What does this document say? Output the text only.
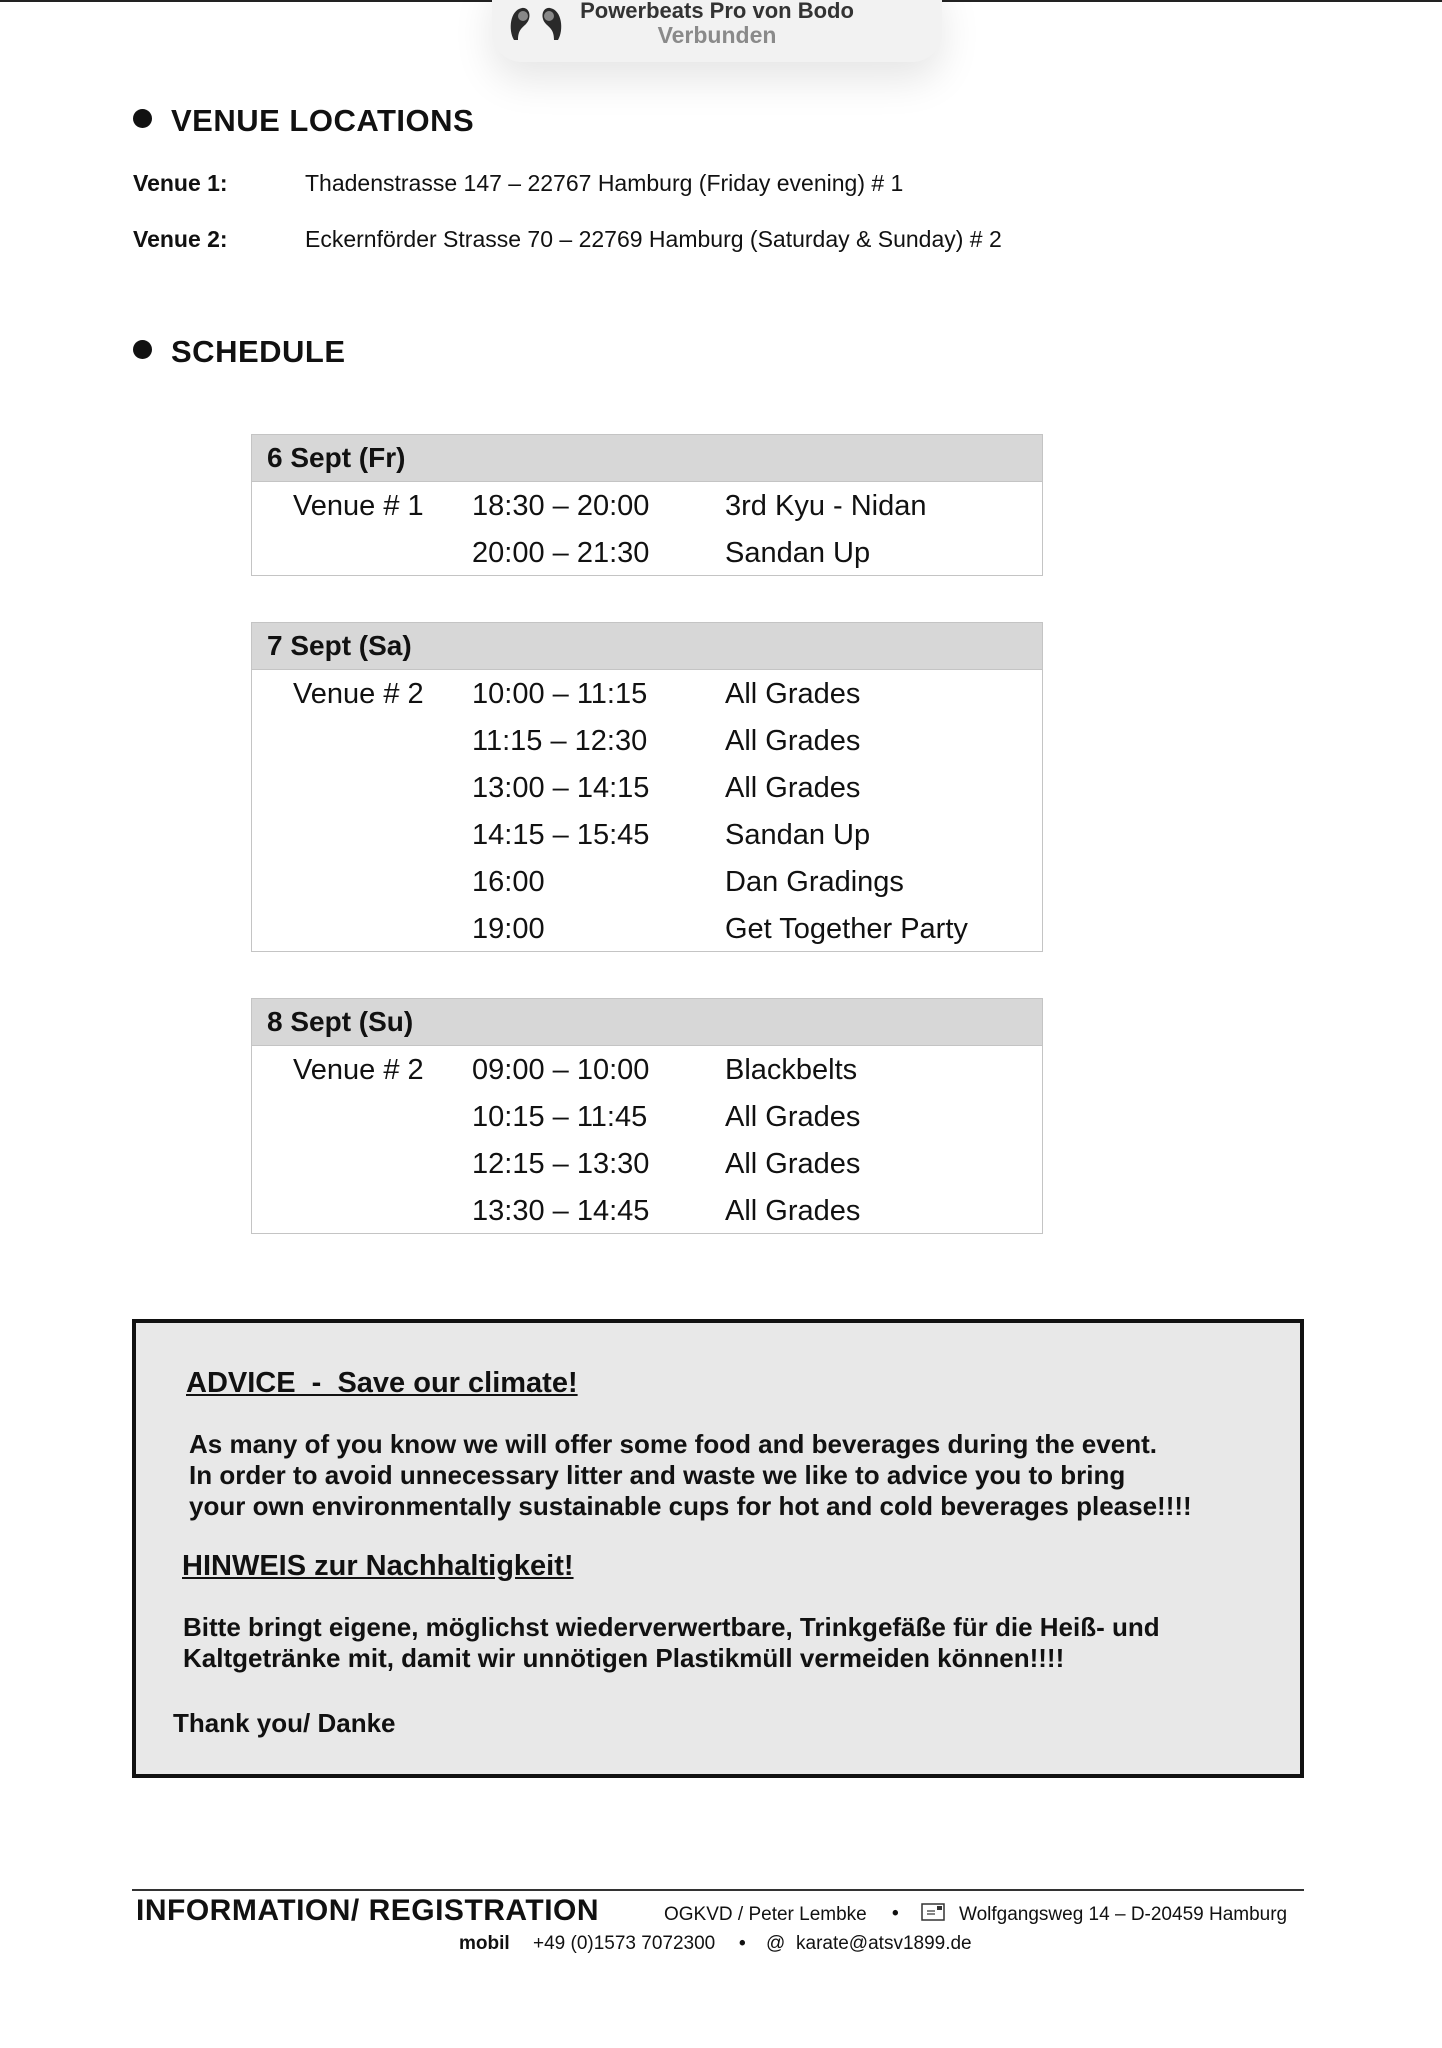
Powerbeats Pro von Bodo
Verbunden
VENUE LOCATIONS
Venue 1:	Thadenstrasse 147 – 22767 Hamburg (Friday evening) # 1
Venue 2:	Eckernförder Strasse 70 – 22769 Hamburg (Saturday & Sunday) # 2
SCHEDULE
6 Sept (Fr)
Venue # 1 18:30 – 20:00	3rd Kyu - Nidan
20:00 – 21:30	Sandan Up
7 Sept (Sa)
Venue # 2 10:00 – 11:15	All Grades
11:15 – 12:30	All Grades
13:00 – 14:15	All Grades
14:15 – 15:45	Sandan Up
16:00	Dan Gradings
19:00	Get Together Party
8 Sept (Su)
Venue # 2 09:00 – 10:00	Blackbelts
10:15 – 11:45	All Grades
12:15 – 13:30	All Grades
13:30 – 14:45	All Grades
ADVICE  -  Save our climate!
As many of you know we will offer some food and beverages during the event.
In order to avoid unnecessary litter and waste we like to advice you to bring
your own environmentally sustainable cups for hot and cold beverages please!!!!
HINWEIS zur Nachhaltigkeit!
Bitte bringt eigene, möglichst wiederverwertbare, Trinkgefäße für die Heiß- und
Kaltgetränke mit, damit wir unnötigen Plastikmüll vermeiden können!!!!
Thank you/ Danke
INFORMATION/ REGISTRATION	OGKVD / Peter Lembke •	Wolfgangsweg 14 – D-20459 Hamburg
mobil +49 (0)1573 7072300 • @ karate@atsv1899.de
